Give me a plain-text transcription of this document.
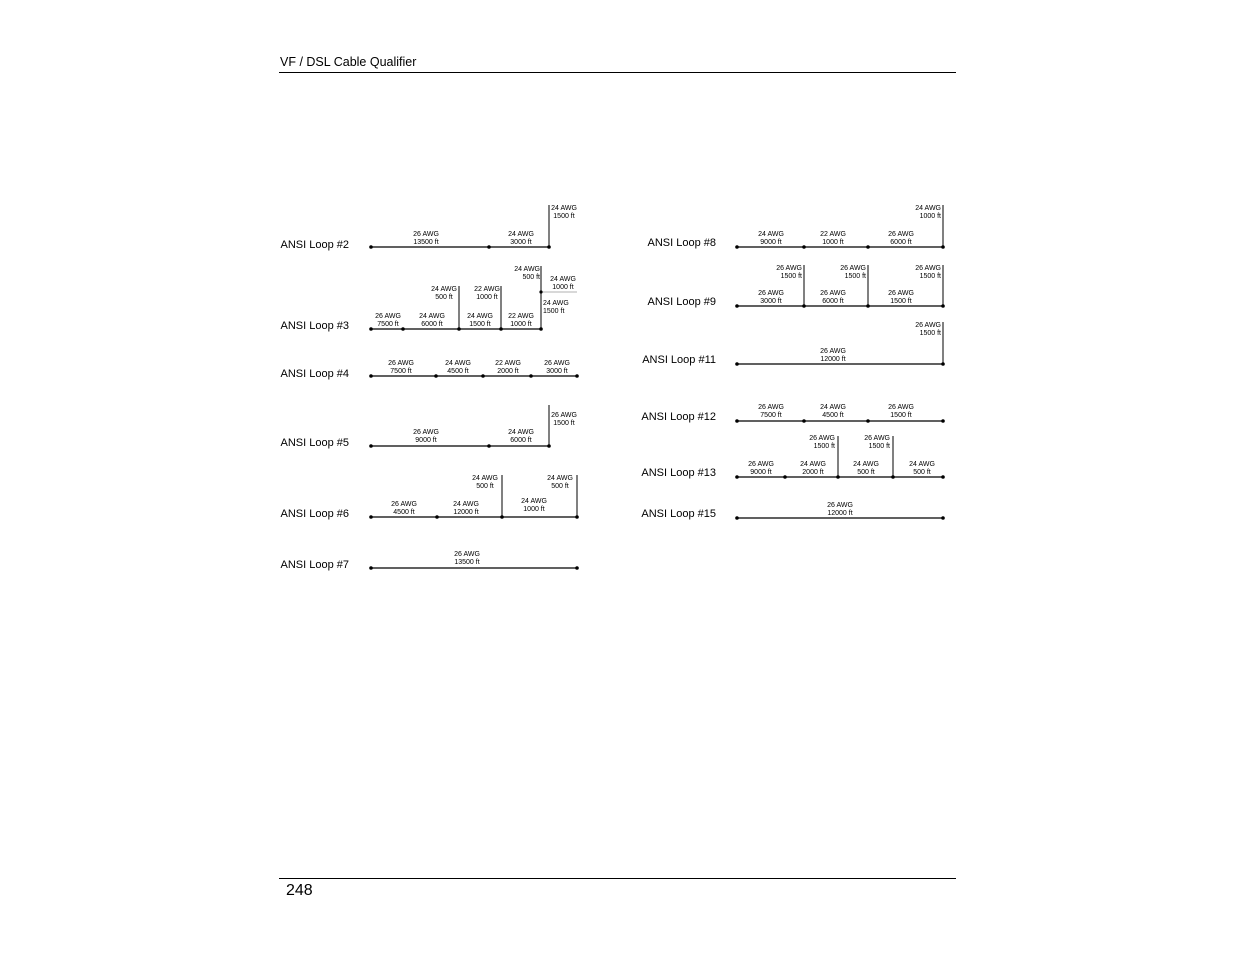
VF / DSL Cable Qualifier
ANSI Loop #2
24 AWG 1500 ft
26 AWG 13500 ft
24 AWG 3000 ft
ANSI Loop #3
24 AWG 500 ft
22 AWG 1000 ft
24 AWG 500 ft 24 AWG 1000 ft
24 AWG 1500 ft
26 AWG 7500 ft
24 AWG 6000 ft
24 AWG 1500 ft
22 AWG 1000 ft
ANSI Loop #4
26 AWG 7500 ft
24 AWG 4500 ft
22 AWG 2000 ft
26 AWG 3000 ft
ANSI Loop #5
26 AWG 1500 ft
26 AWG 9000 ft
24 AWG 6000 ft
ANSI Loop #6
24 AWG 500 ft
24 AWG 500 ft
26 AWG 4500 ft
24 AWG 12000 ft
24 AWG 1000 ft
ANSI Loop #7
26 AWG 13500 ft
ANSI Loop #8
24 AWG 1000 ft
24 AWG 9000 ft
22 AWG 1000 ft
26 AWG 6000 ft
ANSI Loop #9
26 AWG 1500 ft
26 AWG 1500 ft
26 AWG 1500 ft
26 AWG 3000 ft
26 AWG 6000 ft
26 AWG 1500 ft
ANSI Loop #11
26 AWG 1500 ft
26 AWG 12000 ft
ANSI Loop #12
26 AWG 7500 ft
24 AWG 4500 ft
26 AWG 1500 ft
ANSI Loop #13
26 AWG 1500 ft
26 AWG 1500 ft
26 AWG 9000 ft
24 AWG 2000 ft
24 AWG 500 ft
24 AWG 500 ft
ANSI Loop #15
26 AWG 12000 ft
248
